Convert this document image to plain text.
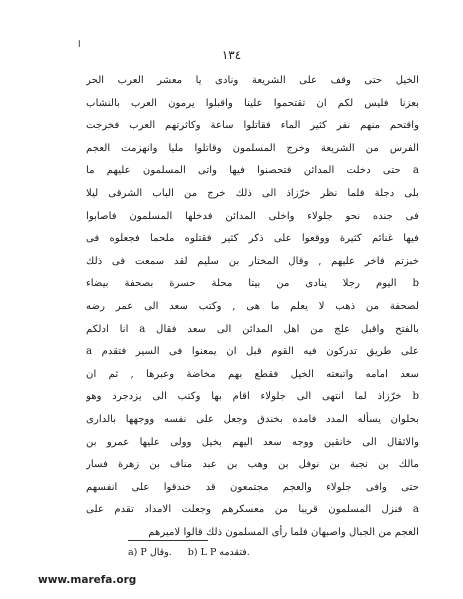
ا
١٣٤
الخيل حتى وقف على الشريعة ونادى يا معشر العرب الحر
بعزنا فليس لكم ان تقتحموا علينا واقبلوا يرمون العرب بالنشاب
واقتحم منهم نفر كثير الماء فقاتلوا ساعة وكاثرتهم العرب فخرجت
الفرس من الشريعة وخرج المسلمون وقاتلوا مليا وانهزمت العجم
a حتى دخلت المدائن فتحصنوا فيها واتى المسلمون عليهم ما
بلى دجلة فلما نظر خرّزاذ الى ذلك خرج من الباب الشرقى ليلا
فى جنده نحو جلولاء واخلى المدائن فدخلها المسلمون فاصابوا
فيها غنائم كثيرة ووقعوا على ذكر كثير فقتلوه ملحما فجعلوه فى
خبزتم فاخر عليهم , وقال المختار بن سليم لقد سمعت فى ذلك
b اليوم رجلا ينادى من بيتا محلة حسرة بصحفة بيضاء
لصحفة من ذهب لا يعلم ما هى , وكتب سعد الى عمر رضه
بالفتح واقبل علج من اهل المدائن الى سعد فقال a انا ادلكم
على طريق تدركون فيه القوم قبل ان يمعنوا فى السير فتقدم a
سعد امامه واتبعته الخيل فقطع بهم مخاضة وعبرها , ثم ان
b خرّزاذ لما انتهى الى جلولاء اقام بها وكتب الى يزدجرد وهو
بحلوان يسأله المدد فامده بخندق وجعل على نفسه ووجهها بالدارى
والاثقال الى خانقين ووجه سعد اليهم بخيل وولى عليها عمرو بن
مالك بن نجبة بن نوفل بن وهب بن عبد مناف بن زهرة فسار
حتى وافى جلولاء والعجم مجتمعون قد خندقوا على انفسهم
a فنزل المسلمون قريبا من معسكرهم وجعلت الامداد تقدم على
العجم من الجبال واصبهان فلما رأى المسلمون ذلك قالوا لاميرهم
a) P وقال. b) L P فتقدمه.
www.marefa.org
